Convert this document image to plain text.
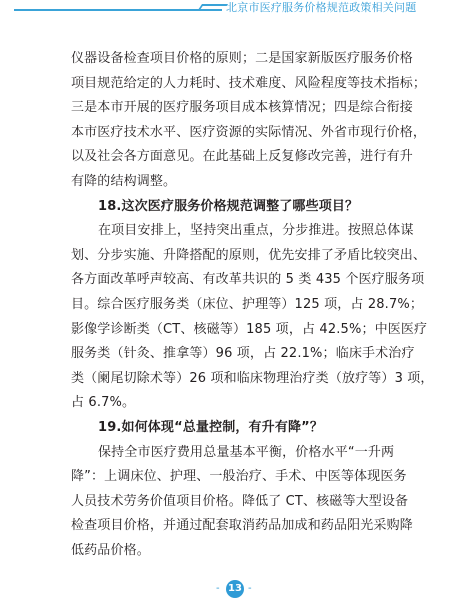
北京市医疗服务价格规范政策相关问题
仪器设备检查项目价格的原则；二是国家新版医疗服务价格
项目规范给定的人力耗时、技术难度、风险程度等技术指标；
三是本市开展的医疗服务项目成本核算情况；四是综合衔接
本市医疗技术水平、医疗资源的实际情况、外省市现行价格，
以及社会各方面意见。在此基础上反复修改完善，进行有升
有降的结构调整。
18.这次医疗服务价格规范调整了哪些项目？
在项目安排上，坚持突出重点，分步推进。按照总体谋
划、分步实施、升降搭配的原则，优先安排了矛盾比较突出、
各方面改革呼声较高、有改革共识的 5 类 435 个医疗服务项
目。综合医疗服务类（床位、护理等）125 项，占 28.7%；
影像学诊断类（CT、核磁等）185 项，占 42.5%；中医医疗
服务类（针灸、推拿等）96 项，占 22.1%；临床手术治疗
类（阑尾切除术等）26 项和临床物理治疗类（放疗等）3 项，
占 6.7%。
19.如何体现“总量控制，有升有降”？
保持全市医疗费用总量基本平衡，价格水平“一升两
降”：上调床位、护理、一般治疗、手术、中医等体现医务
人员技术劳务价值项目价格。降低了 CT、核磁等大型设备
检查项目价格，并通过配套取消药品加成和药品阳光采购降
低药品价格。
- 13 -
